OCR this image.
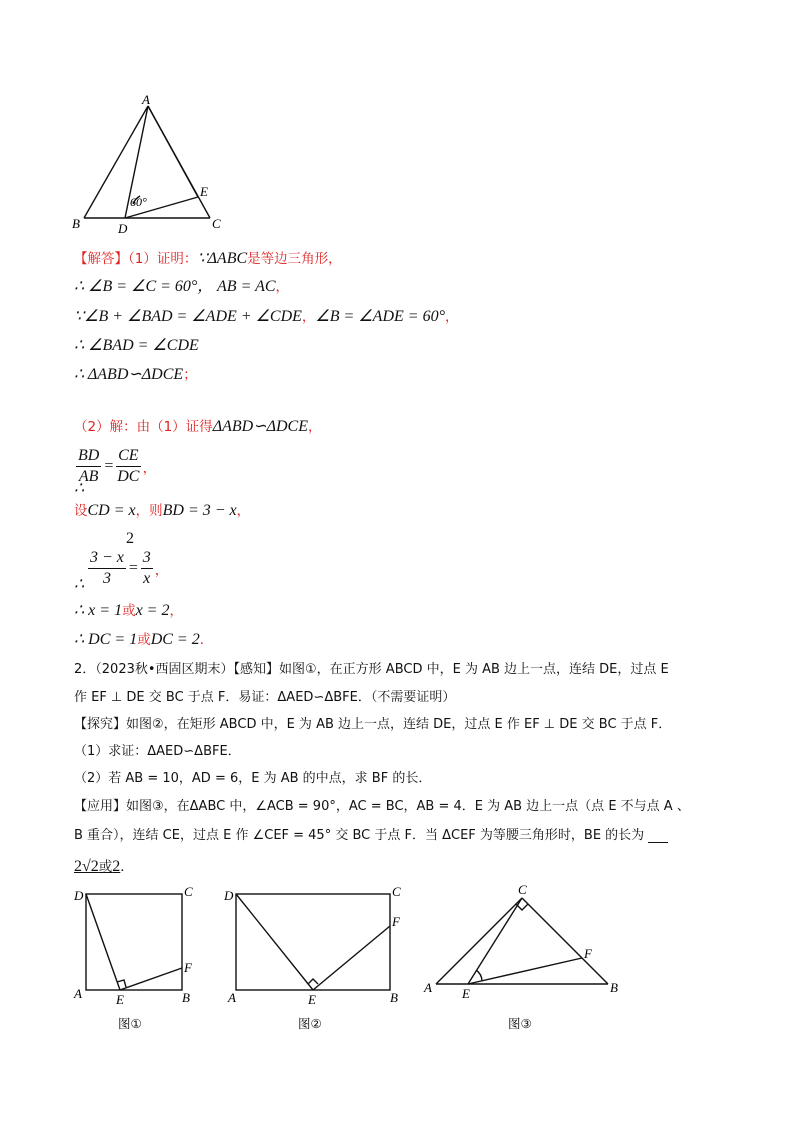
A
B	C
D
E
60°
【解答】（1）证明：∵ΔABC是等边三角形，
∴ ∠B = ∠C = 60°， AB = AC，
∵∠B + ∠BAD = ∠ADE + ∠CDE，∠B = ∠ADE = 60°，
∴ ∠BAD = ∠CDE
∴ ΔABD∽ΔDCE；
（2）解：由（1）证得ΔABD∽ΔDCE，
$\frac{BD}{AB} = \frac{CE}{DC}$ ，
∴
设CD = x，则BD = 3 − x，
2
$\frac{3 - x}{3} = \frac{3}{x}$ ，
∴
∴ x = 1或x = 2，
∴ DC = 1或DC = 2．
2．（2023秋•西固区期末）【感知】如图①，在正方形 ABCD 中，E 为 AB 边上一点，连结 DE，过点 E
作 EF ⊥ DE 交 BC 于点 F．易证：ΔAED∽ΔBFE．（不需要证明）
【探究】如图②，在矩形 ABCD 中，E 为 AB 边上一点，连结 DE，过点 E 作 EF ⊥ DE 交 BC 于点 F．
（1）求证：ΔAED∽ΔBFE．
（2）若 AB = 10，AD = 6，E 为 AB 的中点，求 BF 的长．
【应用】如图③，在ΔABC 中，∠ACB = 90°，AC = BC，AB = 4．E 为 AB 边上一点（点 E 不与点 A 、
B 重合），连结 CE，过点 E 作 ∠CEF = 45° 交 BC 于点 F．当 ΔCEF 为等腰三角形时，BE 的长为
2√2或2．
D	C
A	B
E
F
图①
D	C
A	B
E
F
图②
C
A	B
E
F
图③
